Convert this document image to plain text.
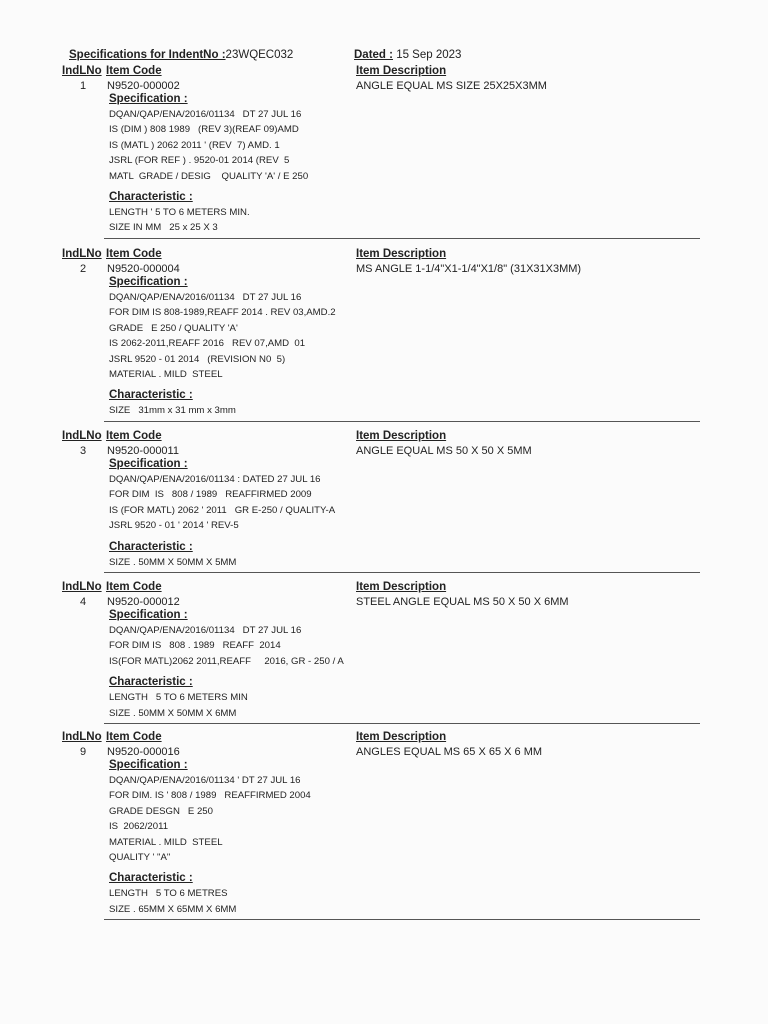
Specifications for IndentNo :23WQEC032	Dated : 15 Sep 2023
IndLNo Item Code	Item Description
1 N9520-000002	ANGLE EQUAL MS SIZE 25X25X3MM
Specification :
DQAN/QAP/ENA/2016/01134   DT 27 JUL 16
IS (DIM ) 808 1989   (REV 3)(REAF 09)AMD
IS (MATL ) 2062 2011 ' (REV  7) AMD. 1
JSRL (FOR REF ) . 9520-01 2014 (REV  5
MATL  GRADE / DESIG    QUALITY 'A' / E 250
Characteristic :
LENGTH ' 5 TO 6 METERS MIN.
SIZE IN MM   25 x 25 X 3
IndLNo Item Code	Item Description
2 N9520-000004	MS ANGLE 1-1/4"X1-1/4"X1/8" (31X31X3MM)
Specification :
DQAN/QAP/ENA/2016/01134   DT 27 JUL 16
FOR DIM IS 808-1989,REAFF 2014 . REV 03,AMD.2
GRADE   E 250 / QUALITY 'A'
IS 2062-2011,REAFF 2016   REV 07,AMD  01
JSRL 9520 - 01 2014   (REVISION N0  5)
MATERIAL . MILD  STEEL
Characteristic :
SIZE   31mm x 31 mm x 3mm
IndLNo Item Code	Item Description
3 N9520-000011	ANGLE EQUAL MS 50 X 50 X 5MM
Specification :
DQAN/QAP/ENA/2016/01134 : DATED 27 JUL 16
FOR DIM  IS   808 / 1989   REAFFIRMED 2009
IS (FOR MATL) 2062 ' 2011   GR E-250 / QUALITY-A
JSRL 9520 - 01 ' 2014 ' REV-5
Characteristic :
SIZE . 50MM X 50MM X 5MM
IndLNo Item Code	Item Description
4 N9520-000012	STEEL ANGLE EQUAL MS 50 X 50 X 6MM
Specification :
DQAN/QAP/ENA/2016/01134   DT 27 JUL 16
FOR DIM IS   808 . 1989   REAFF  2014
IS(FOR MATL)2062 2011,REAFF     2016, GR - 250 / A
Characteristic :
LENGTH   5 TO 6 METERS MIN
SIZE . 50MM X 50MM X 6MM
IndLNo Item Code	Item Description
9 N9520-000016	ANGLES EQUAL MS 65 X 65 X 6 MM
Specification :
DQAN/QAP/ENA/2016/01134 ' DT 27 JUL 16
FOR DIM. IS ' 808 / 1989   REAFFIRMED 2004
GRADE DESGN   E 250
IS  2062/2011
MATERIAL . MILD  STEEL
QUALITY ' "A"
Characteristic :
LENGTH   5 TO 6 METRES
SIZE . 65MM X 65MM X 6MM
